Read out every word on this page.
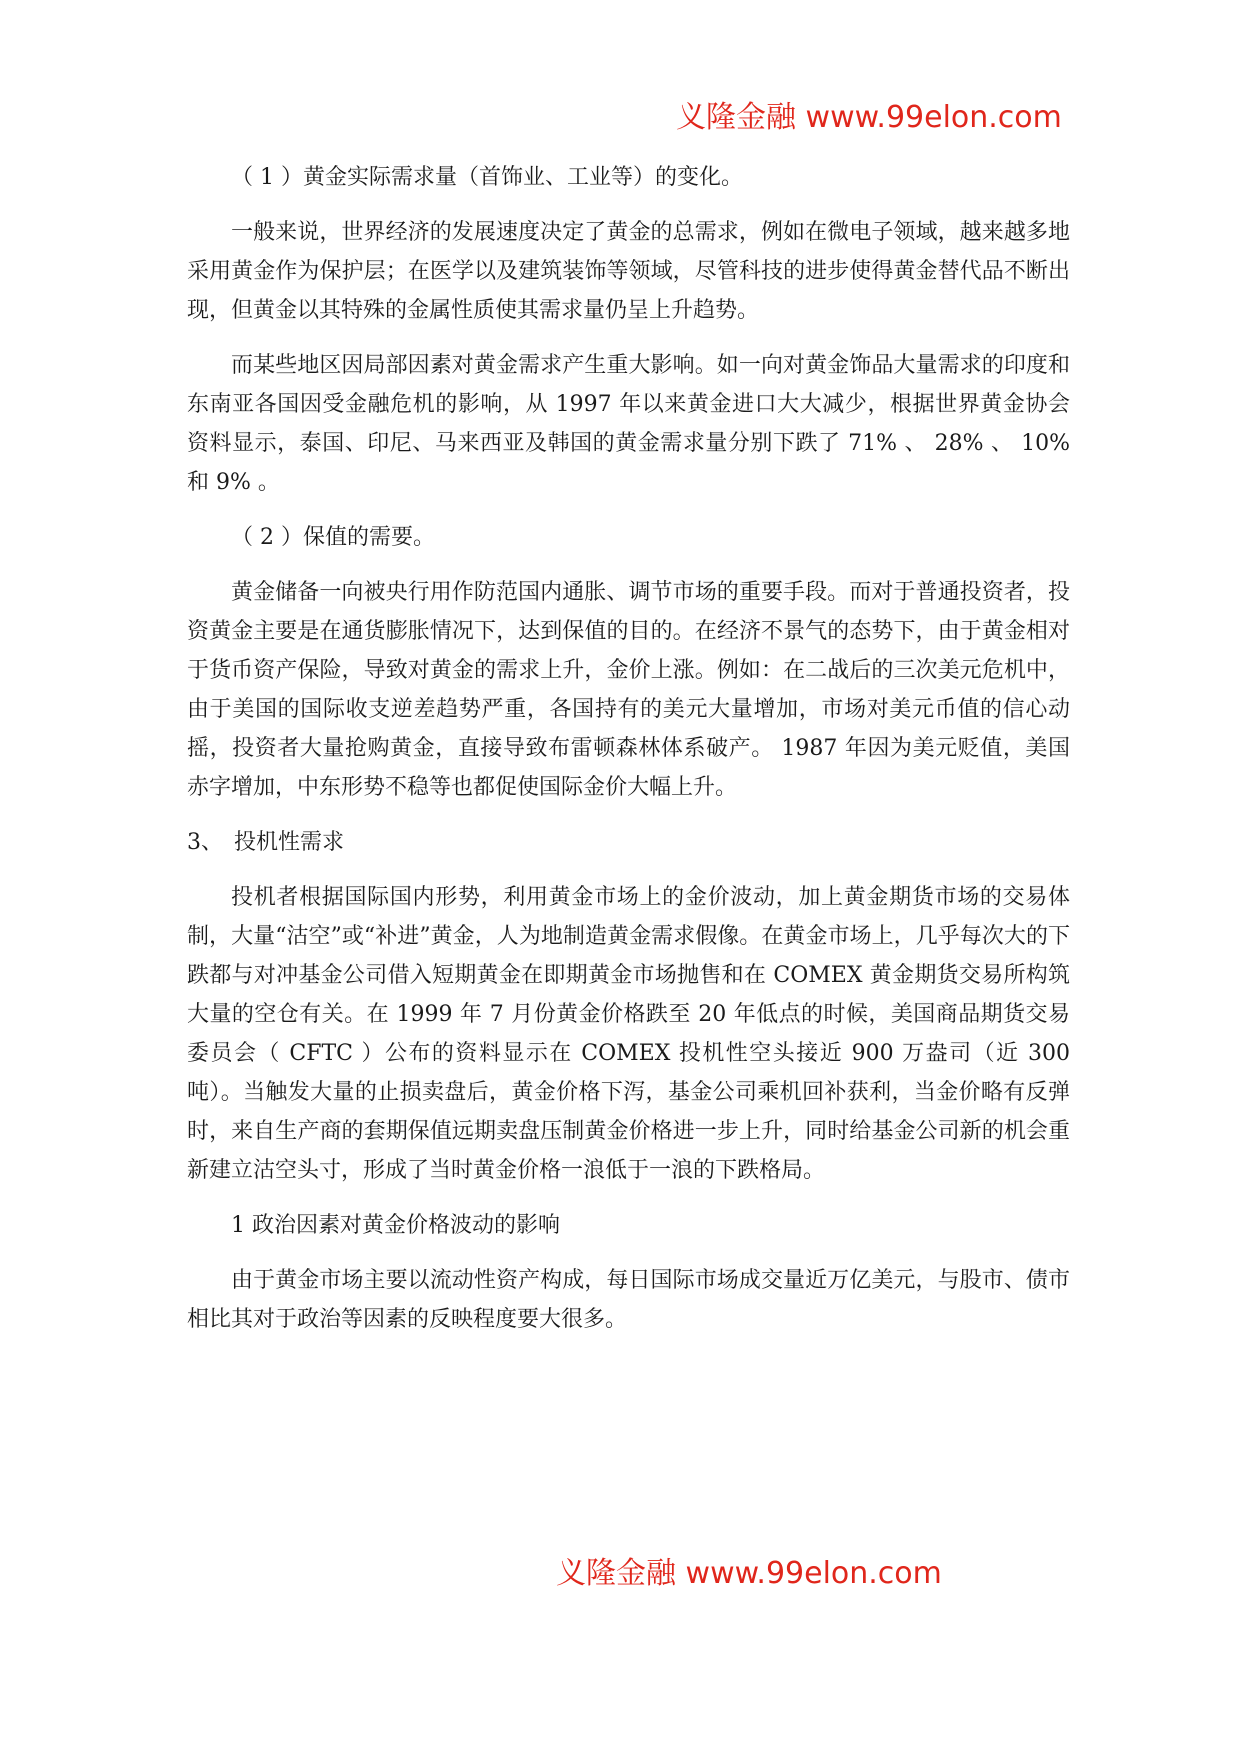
义隆金融 www.99elon.com

（ 1 ）黄金实际需求量（首饰业、工业等）的变化。

一般来说，世界经济的发展速度决定了黄金的总需求，例如在微电子领域，越来越多地采用黄金作为保护层；在医学以及建筑装饰等领域，尽管科技的进步使得黄金替代品不断出现，但黄金以其特殊的金属性质使其需求量仍呈上升趋势。

而某些地区因局部因素对黄金需求产生重大影响。如一向对黄金饰品大量需求的印度和东南亚各国因受金融危机的影响，从 1997 年以来黄金进口大大减少，根据世界黄金协会资料显示，泰国、印尼、马来西亚及韩国的黄金需求量分别下跌了 71% 、 28% 、 10% 和 9% 。

（ 2 ）保值的需要。

黄金储备一向被央行用作防范国内通胀、调节市场的重要手段。而对于普通投资者，投资黄金主要是在通货膨胀情况下，达到保值的目的。在经济不景气的态势下，由于黄金相对于货币资产保险，导致对黄金的需求上升，金价上涨。例如：在二战后的三次美元危机中，由于美国的国际收支逆差趋势严重，各国持有的美元大量增加，市场对美元币值的信心动摇，投资者大量抢购黄金，直接导致布雷顿森林体系破产。 1987 年因为美元贬值，美国赤字增加，中东形势不稳等也都促使国际金价大幅上升。

3、　投机性需求

投机者根据国际国内形势，利用黄金市场上的金价波动，加上黄金期货市场的交易体制，大量“沽空”或“补进”黄金，人为地制造黄金需求假像。在黄金市场上，几乎每次大的下跌都与对冲基金公司借入短期黄金在即期黄金市场抛售和在 COMEX 黄金期货交易所构筑大量的空仓有关。在 1999 年 7 月份黄金价格跌至 20 年低点的时候，美国商品期货交易委员会（ CFTC ）公布的资料显示在 COMEX 投机性空头接近 900 万盎司（近 300 吨）。当触发大量的止损卖盘后，黄金价格下泻，基金公司乘机回补获利，当金价略有反弹时，来自生产商的套期保值远期卖盘压制黄金价格进一步上升，同时给基金公司新的机会重新建立沽空头寸，形成了当时黄金价格一浪低于一浪的下跌格局。

1 政治因素对黄金价格波动的影响

由于黄金市场主要以流动性资产构成，每日国际市场成交量近万亿美元，与股市、债市相比其对于政治等因素的反映程度要大很多。

义隆金融 www.99elon.com
